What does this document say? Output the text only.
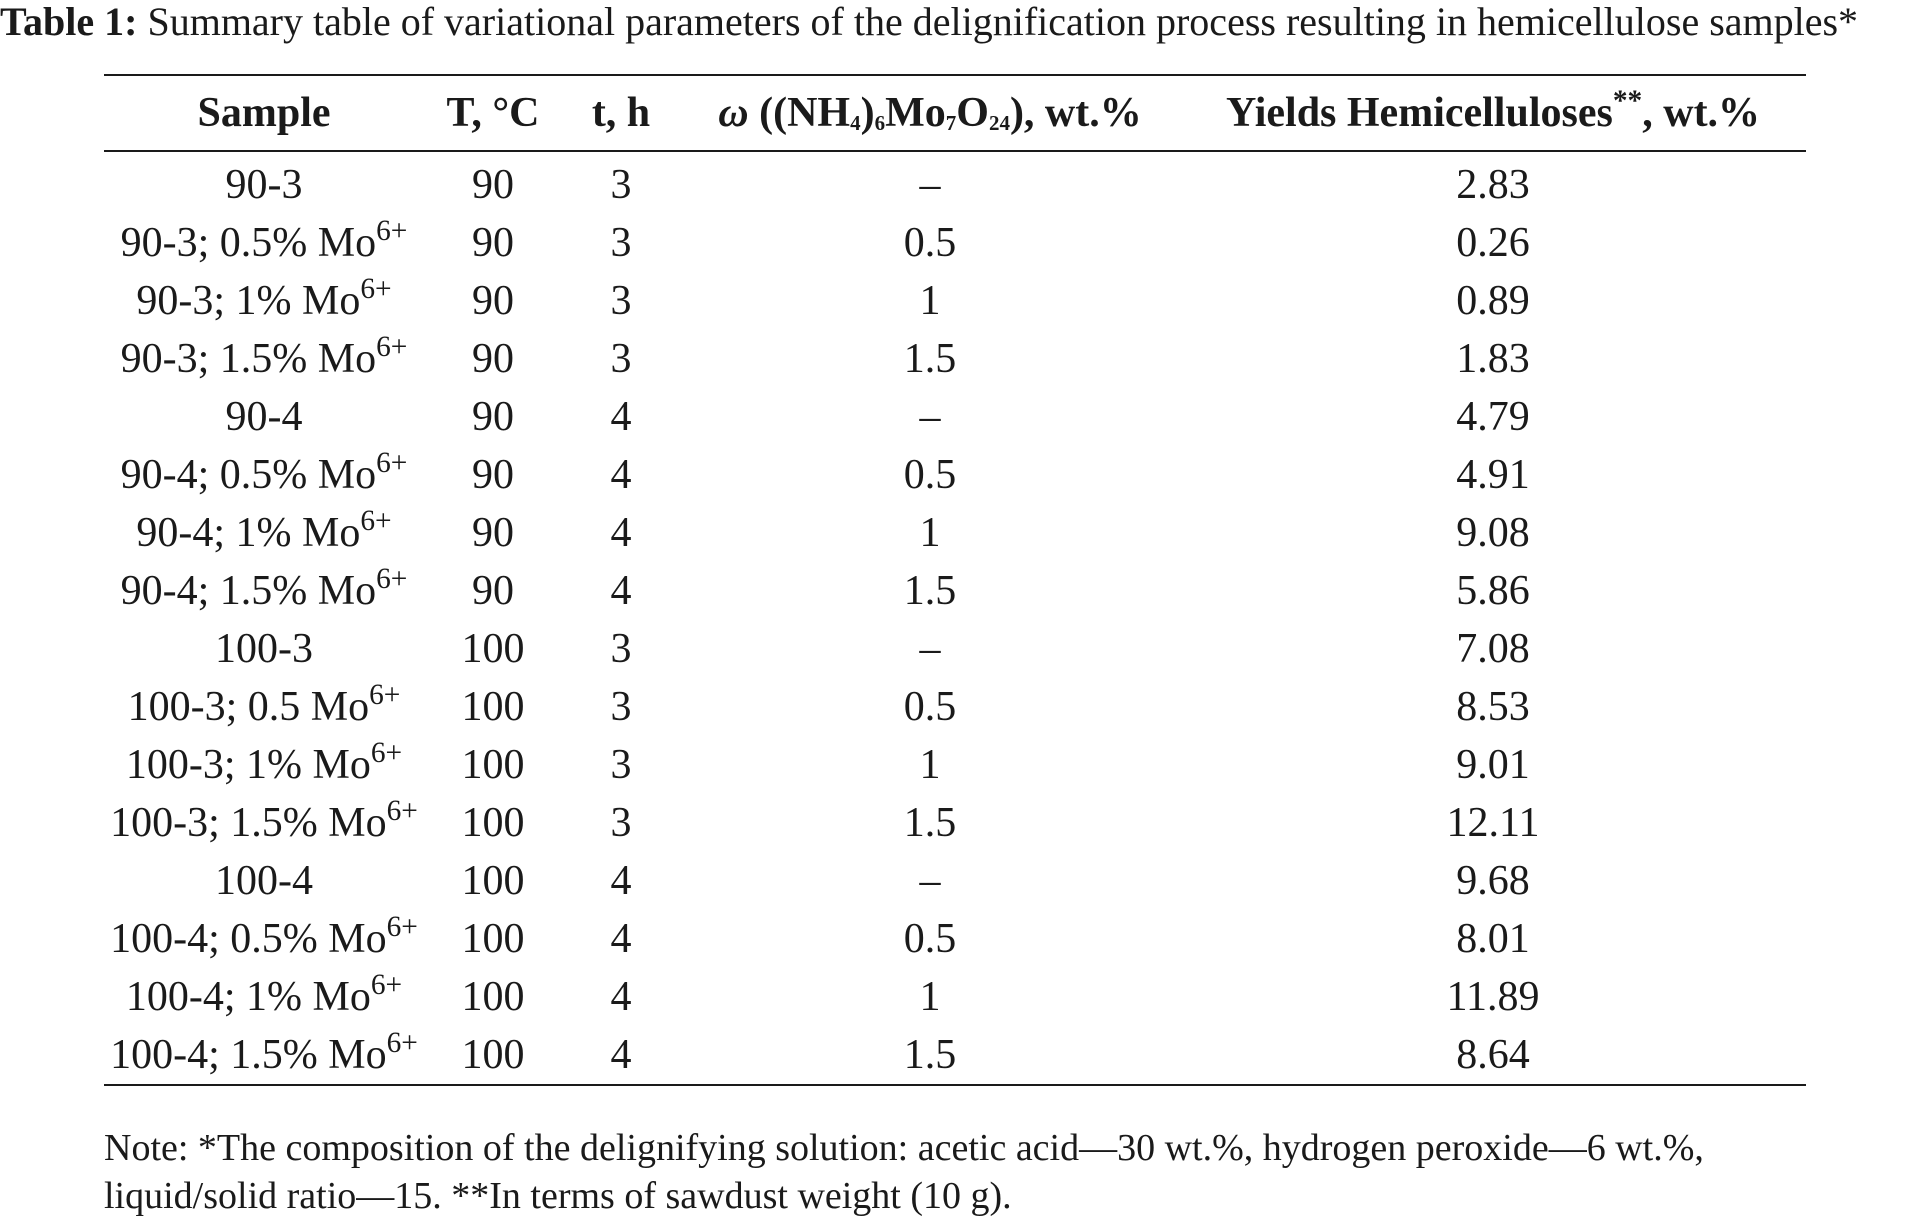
Table 1: Summary table of variational parameters of the delignification process resulting in hemicellulose samples*
Sample	T, °C	t, h	ω $((NH_4)_6Mo_7O_{24})$, wt.%	Yields Hemicelluloses**, wt.%
90-3	90	3	–	2.83
90-3; 0.5% $Mo^{6+}$	90	3	0.5	0.26
90-3; 1% $Mo^{6+}$	90	3	1	0.89
90-3; 1.5% $Mo^{6+}$	90	3	1.5	1.83
90-4	90	4	–	4.79
90-4; 0.5% $Mo^{6+}$	90	4	0.5	4.91
90-4; 1% $Mo^{6+}$	90	4	1	9.08
90-4; 1.5% $Mo^{6+}$	90	4	1.5	5.86
100-3	100	3	–	7.08
100-3; 0.5 $Mo^{6+}$	100	3	0.5	8.53
100-3; 1% $Mo^{6+}$	100	3	1	9.01
100-3; 1.5% $Mo^{6+}$	100	3	1.5	12.11
100-4	100	4	–	9.68
100-4; 0.5% $Mo^{6+}$	100	4	0.5	8.01
100-4; 1% $Mo^{6+}$	100	4	1	11.89
100-4; 1.5% $Mo^{6+}$	100	4	1.5	8.64
Note: *The composition of the delignifying solution: acetic acid—30 wt.%, hydrogen peroxide—6 wt.%,
liquid/solid ratio—15. **In terms of sawdust weight (10 g).
